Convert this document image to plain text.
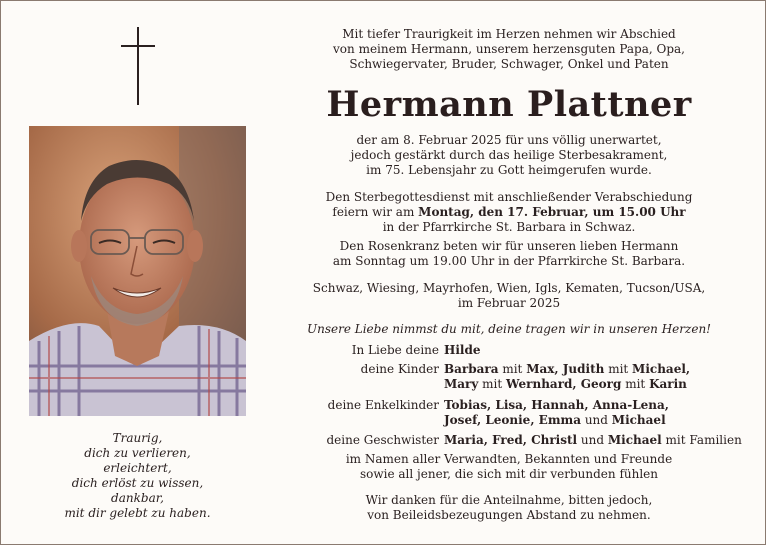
Traurig,
dich zu verlieren,
erleichtert,
dich erlöst zu wissen,
dankbar,
mit dir gelebt zu haben.
Mit tiefer Traurigkeit im Herzen nehmen wir Abschied
von meinem Hermann, unserem herzensguten Papa, Opa,
Schwiegervater, Bruder, Schwager, Onkel und Paten
Hermann Plattner
der am 8. Februar 2025 für uns völlig unerwartet,
jedoch gestärkt durch das heilige Sterbesakrament,
im 75. Lebensjahr zu Gott heimgerufen wurde.
Den Sterbegottesdienst mit anschließender Verabschiedung
feiern wir am Montag, den 17. Februar, um 15.00 Uhr
in der Pfarrkirche St. Barbara in Schwaz.
Den Rosenkranz beten wir für unseren lieben Hermann
am Sonntag um 19.00 Uhr in der Pfarrkirche St. Barbara.
Schwaz, Wiesing, Mayrhofen, Wien, Igls, Kematen, Tucson/USA,
im Februar 2025
Unsere Liebe nimmst du mit, deine tragen wir in unseren Herzen!
In Liebe deine Hilde
deine Kinder Barbara mit Max, Judith mit Michael,
Mary mit Wernhard, Georg mit Karin
deine Enkelkinder Tobias, Lisa, Hannah, Anna-Lena,
Josef, Leonie, Emma und Michael
deine Geschwister Maria, Fred, Christl und Michael mit Familien
im Namen aller Verwandten, Bekannten und Freunde
sowie all jener, die sich mit dir verbunden fühlen
Wir danken für die Anteilnahme, bitten jedoch,
von Beileidsbezeugungen Abstand zu nehmen.
